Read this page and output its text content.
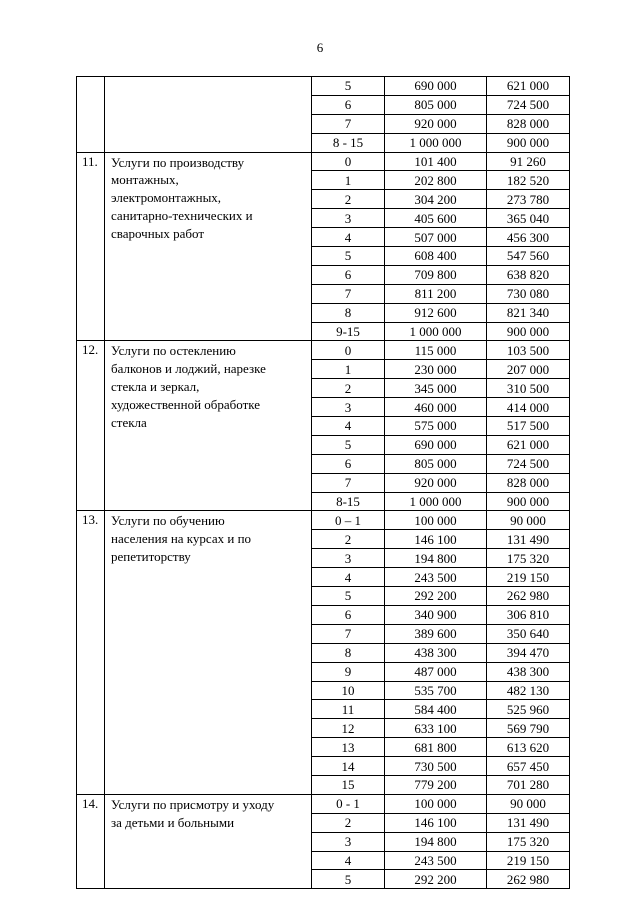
6
		5	690 000	621 000
		6	805 000	724 500
		7	920 000	828 000
		8 - 15	1 000 000	900 000
11.	Услуги по производству
монтажных,
электромонтажных,
санитарно-технических и
сварочных работ	0	101 400	91 260
		1	202 800	182 520
		2	304 200	273 780
		3	405 600	365 040
		4	507 000	456 300
		5	608 400	547 560
		6	709 800	638 820
		7	811 200	730 080
		8	912 600	821 340
		9-15	1 000 000	900 000
12.	Услуги по остеклению
балконов и лоджий, нарезке
стекла и зеркал,
художественной обработке
стекла	0	115 000	103 500
		1	230 000	207 000
		2	345 000	310 500
		3	460 000	414 000
		4	575 000	517 500
		5	690 000	621 000
		6	805 000	724 500
		7	920 000	828 000
		8-15	1 000 000	900 000
13.	Услуги по обучению
населения на курсах и по
репетиторству	0 – 1	100 000	90 000
		2	146 100	131 490
		3	194 800	175 320
		4	243 500	219 150
		5	292 200	262 980
		6	340 900	306 810
		7	389 600	350 640
		8	438 300	394 470
		9	487 000	438 300
		10	535 700	482 130
		11	584 400	525 960
		12	633 100	569 790
		13	681 800	613 620
		14	730 500	657 450
		15	779 200	701 280
14.	Услуги по присмотру и уходу
за детьми и больными	0 - 1	100 000	90 000
		2	146 100	131 490
		3	194 800	175 320
		4	243 500	219 150
		5	292 200	262 980
